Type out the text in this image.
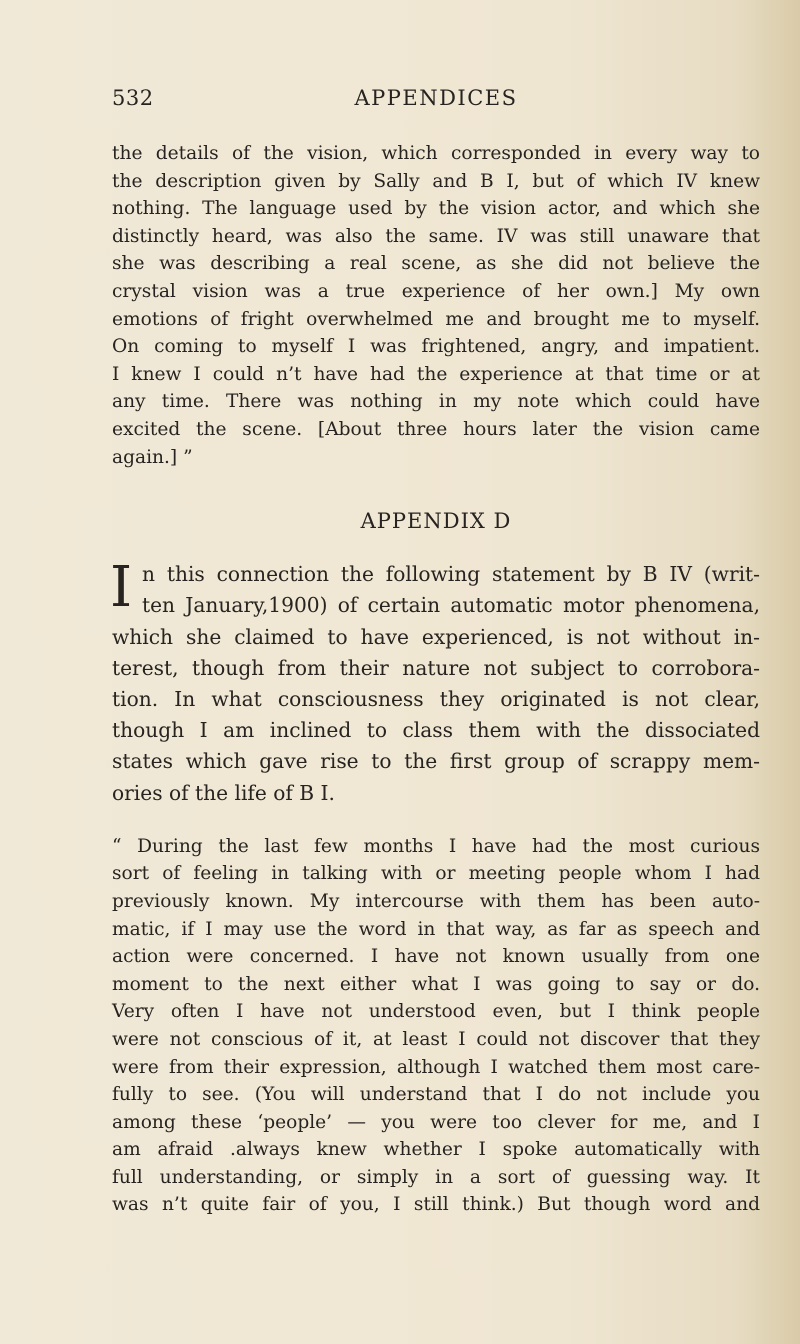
532	APPENDICES
the details of the vision, which corresponded in every way to
the description given by Sally and B I, but of which IV knew
nothing. The language used by the vision actor, and which she
distinctly heard, was also the same. IV was still unaware that
she was describing a real scene, as she did not believe the
crystal vision was a true experience of her own.] My own
emotions of fright overwhelmed me and brought me to myself.
On coming to myself I was frightened, angry, and impatient.
I knew I could n’t have had the experience at that time or at
any time. There was nothing in my note which could have
excited the scene. [About three hours later the vision came
again.] ”
APPENDIX D
I n this connection the following statement by B IV (writ-
ten January,1900) of certain automatic motor phenomena,
which she claimed to have experienced, is not without in-
terest, though from their nature not subject to corrobora-
tion. In what consciousness they originated is not clear,
though I am inclined to class them with the dissociated
states which gave rise to the first group of scrappy mem-
ories of the life of B I.
“ During the last few months I have had the most curious
sort of feeling in talking with or meeting people whom I had
previously known. My intercourse with them has been auto-
matic, if I may use the word in that way, as far as speech and
action were concerned. I have not known usually from one
moment to the next either what I was going to say or do.
Very often I have not understood even, but I think people
were not conscious of it, at least I could not discover that they
were from their expression, although I watched them most care-
fully to see. (You will understand that I do not include you
among these ‘people’ — you were too clever for me, and I
am afraid .always knew whether I spoke automatically with
full understanding, or simply in a sort of guessing way. It
was n’t quite fair of you, I still think.) But though word and
